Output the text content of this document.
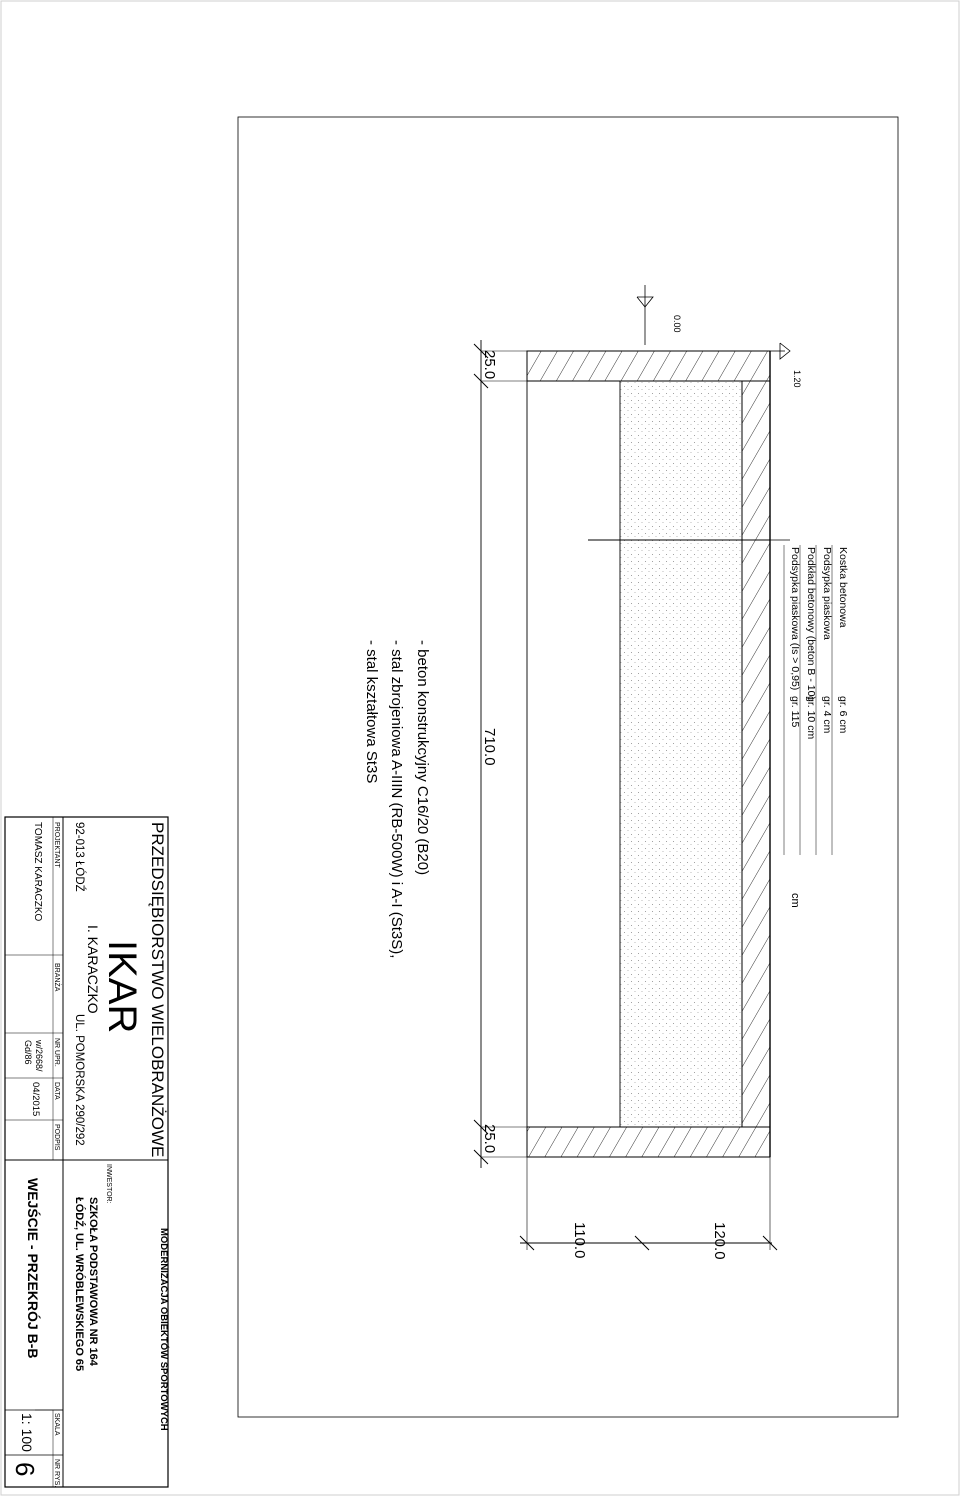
Kostka betonowa
gr. 6 cm
Podsypka piaskowa
gr. 4 cm
Podkład betonowy (beton B - 10)
gr. 10 cm
Podsypka piaskowa (Is > 0,95)
gr. 115
cm
1.20
0.00
25.0
710.0
25.0
110.0	120.0
- beton konstrukcyjny C16/20 (B20)
- stal zbrojeniowa A-IIIN (RB-500W) i A-I (St3S),
- stal kształtowa St3S
PRZEDSIĘBIORSTWO WIELOBRANŻOWE
IKAR
I. KARACZKO
UL. POMORSKA 290/292
92-013 ŁÓDŹ
MODERNIZACJA OBIEKTÓW SPORTOWYCH
INWESTOR:
SZKOŁA PODSTAWOWA NR 164
ŁÓDŹ, UL. WRÓBLEWSKIEGO 65
PROJEKTANT
BRANŻA
NR UPR.
DATA
PODPIS
SKALA
NR RYS.
TOMASZ KARACZKO
w/2668/
Gd/86
04/2015
WEJŚCIE - PRZEKRÓJ B-B
1: 100
6
